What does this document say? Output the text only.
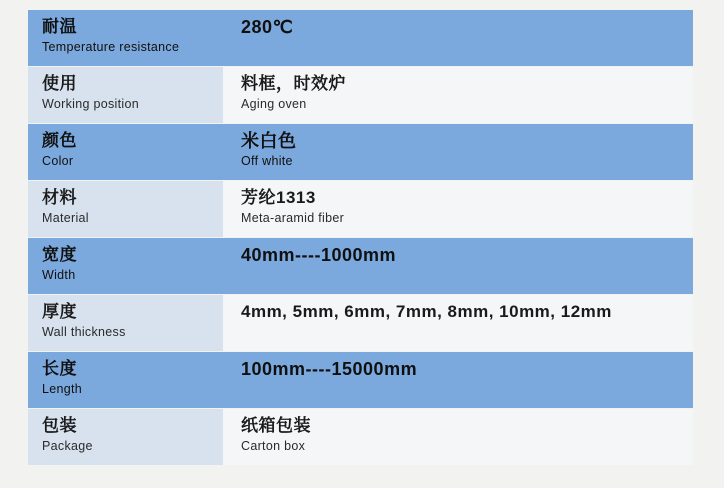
耐温
Temperature resistance
280℃
使用
Working position
料框，时效炉
Aging oven
颜色
Color
米白色
Off white
材料
Material
芳纶1313
Meta-aramid fiber
宽度
Width
40mm----1000mm
厚度
Wall thickness
4mm, 5mm, 6mm, 7mm, 8mm, 10mm, 12mm
长度
Length
100mm----15000mm
包装
Package
纸箱包装
Carton box
